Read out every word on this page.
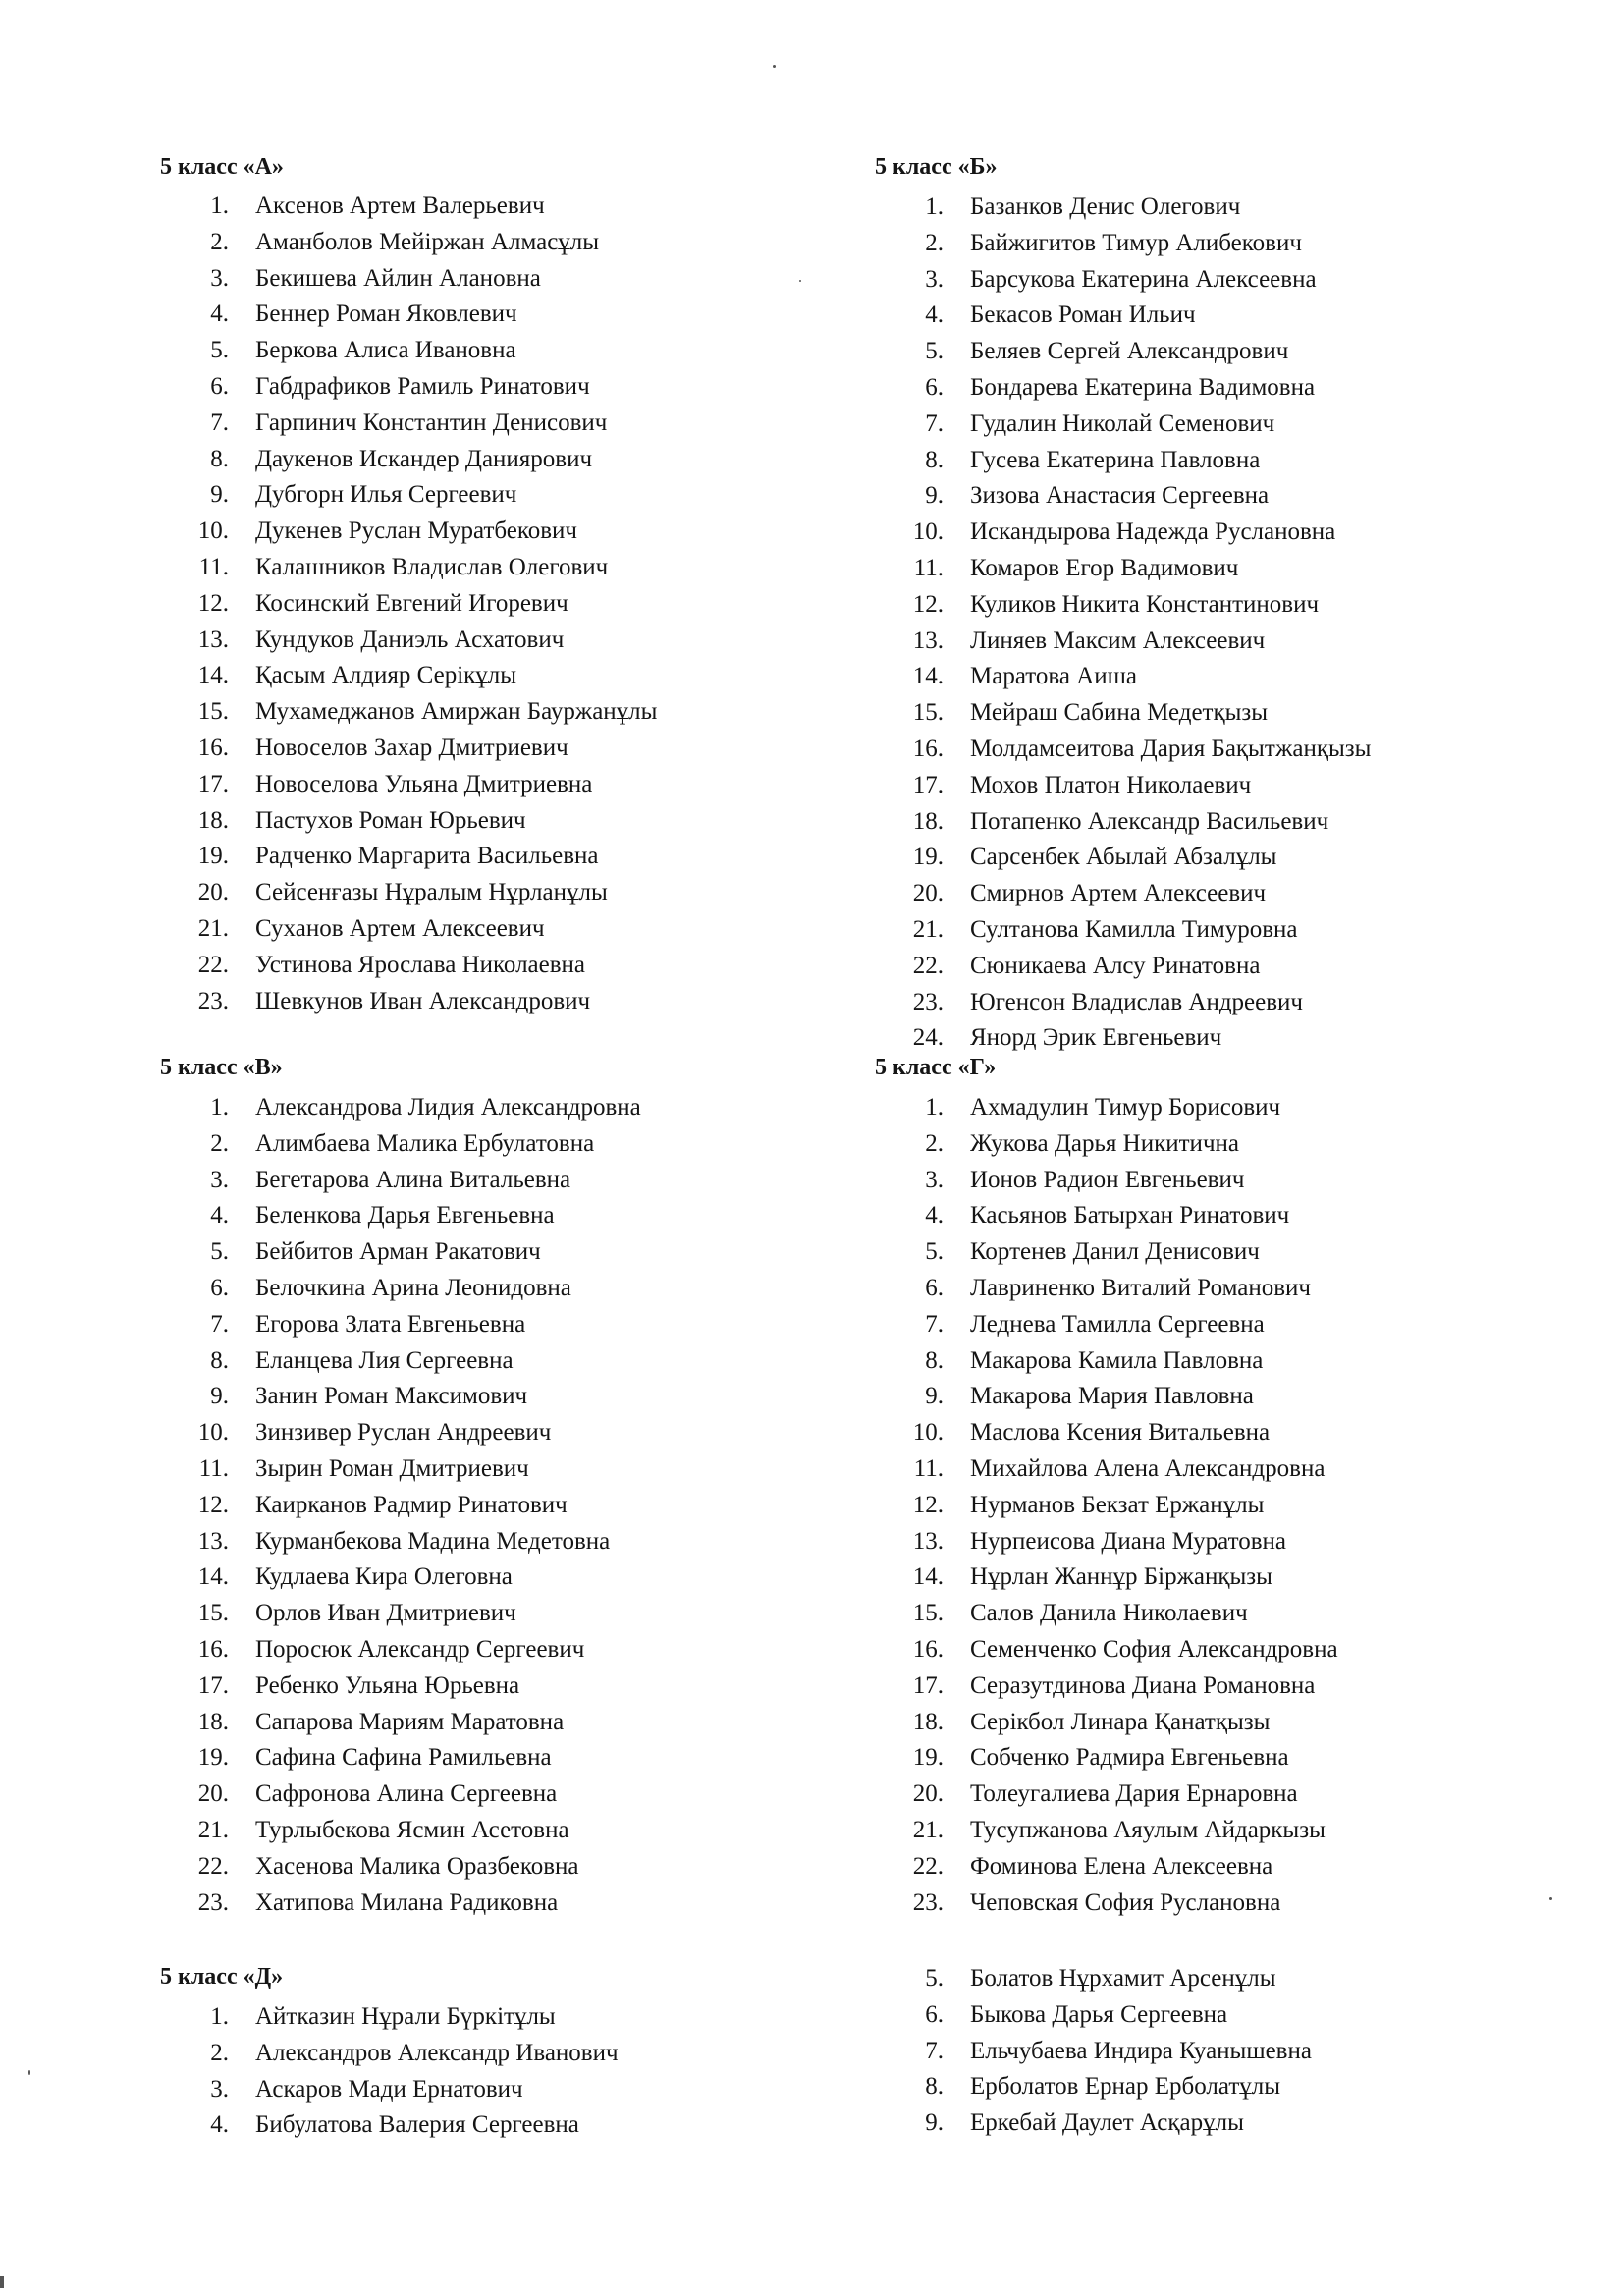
5 класс «А»
1. Аксенов Артем Валерьевич
2. Аманболов Мейіржан Алмасұлы
3. Бекишева Айлин Алановна
4. Беннер Роман Яковлевич
5. Беркова Алиса Ивановна
6. Габдрафиков Рамиль Ринатович
7. Гарпинич Константин Денисович
8. Даукенов Искандер Даниярович
9. Дубгорн Илья Сергеевич
10. Дукенев Руслан Муратбекович
11. Калашников Владислав Олегович
12. Косинский Евгений Игоревич
13. Кундуков Даниэль Асхатович
14. Қасым Алдияр Серікұлы
15. Мухамеджанов Амиржан Бауржанұлы
16. Новоселов Захар Дмитриевич
17. Новоселова Ульяна Дмитриевна
18. Пастухов Роман Юрьевич
19. Радченко Маргарита Васильевна
20. Сейсенғазы Нұралым Нұрланұлы
21. Суханов Артем Алексеевич
22. Устинова Ярослава Николаевна
23. Шевкунов Иван Александрович
5 класс «Б»
1. Базанков Денис Олегович
2. Байжигитов Тимур Алибекович
3. Барсукова Екатерина Алексеевна
4. Бекасов Роман Ильич
5. Беляев Сергей Александрович
6. Бондарева Екатерина Вадимовна
7. Гудалин Николай Семенович
8. Гусева Екатерина Павловна
9. Зизова Анастасия Сергеевна
10. Искандырова Надежда Руслановна
11. Комаров Егор Вадимович
12. Куликов Никита Константинович
13. Линяев Максим Алексеевич
14. Маратова Аиша
15. Мейраш Сабина Медетқызы
16. Молдамсеитова Дария Бақытжанқызы
17. Мохов Платон Николаевич
18. Потапенко Александр Васильевич
19. Сарсенбек Абылай Абзалұлы
20. Смирнов Артем Алексеевич
21. Султанова Камилла Тимуровна
22. Сюникаева Алсу Ринатовна
23. Югенсон Владислав Андреевич
24. Янорд Эрик Евгеньевич
5 класс «В»
1. Александрова Лидия Александровна
2. Алимбаева Малика Ербулатовна
3. Бегетарова Алина Витальевна
4. Беленкова Дарья Евгеньевна
5. Бейбитов Арман Ракатович
6. Белочкина Арина Леонидовна
7. Егорова Злата Евгеньевна
8. Еланцева Лия Сергеевна
9. Занин Роман Максимович
10. Зинзивер Руслан Андреевич
11. Зырин Роман Дмитриевич
12. Каирканов Радмир Ринатович
13. Курманбекова Мадина Медетовна
14. Кудлаева Кира Олеговна
15. Орлов Иван Дмитриевич
16. Поросюк Александр Сергеевич
17. Ребенко Ульяна Юрьевна
18. Сапарова Мариям Маратовна
19. Сафина Сафина Рамильевна
20. Сафронова Алина Сергеевна
21. Турлыбекова Ясмин Асетовна
22. Хасенова Малика Оразбековна
23. Хатипова Милана Радиковна
5 класс «Г»
1. Ахмадулин Тимур Борисович
2. Жукова Дарья Никитична
3. Ионов Радион Евгеньевич
4. Касьянов Батырхан Ринатович
5. Кортенев Данил Денисович
6. Лавриненко Виталий Романович
7. Леднева Тамилла Сергеевна
8. Макарова Камила Павловна
9. Макарова Мария Павловна
10. Маслова Ксения Витальевна
11. Михайлова Алена Александровна
12. Нурманов Бекзат Ержанұлы
13. Нурпеисова Диана Муратовна
14. Нұрлан Жаннұр Біржанқызы
15. Салов Данила Николаевич
16. Семенченко София Александровна
17. Серазутдинова Диана Романовна
18. Серікбол Линара Қанатқызы
19. Собченко Радмира Евгеньевна
20. Толеугалиева Дария Ернаровна
21. Тусупжанова Аяулым Айдаркызы
22. Фоминова Елена Алексеевна
23. Чеповская София Руслановна
5 класс «Д»
1. Айтказин Нұрали Бүркітұлы
2. Александров Александр Иванович
3. Аскаров Мади Ернатович
4. Бибулатова Валерия Сергеевна
5. Болатов Нұрхамит Арсенұлы
6. Быкова Дарья Сергеевна
7. Ельчубаева Индира Куанышевна
8. Ерболатов Ернар Ерболатұлы
9. Еркебай Даулет Асқарұлы
